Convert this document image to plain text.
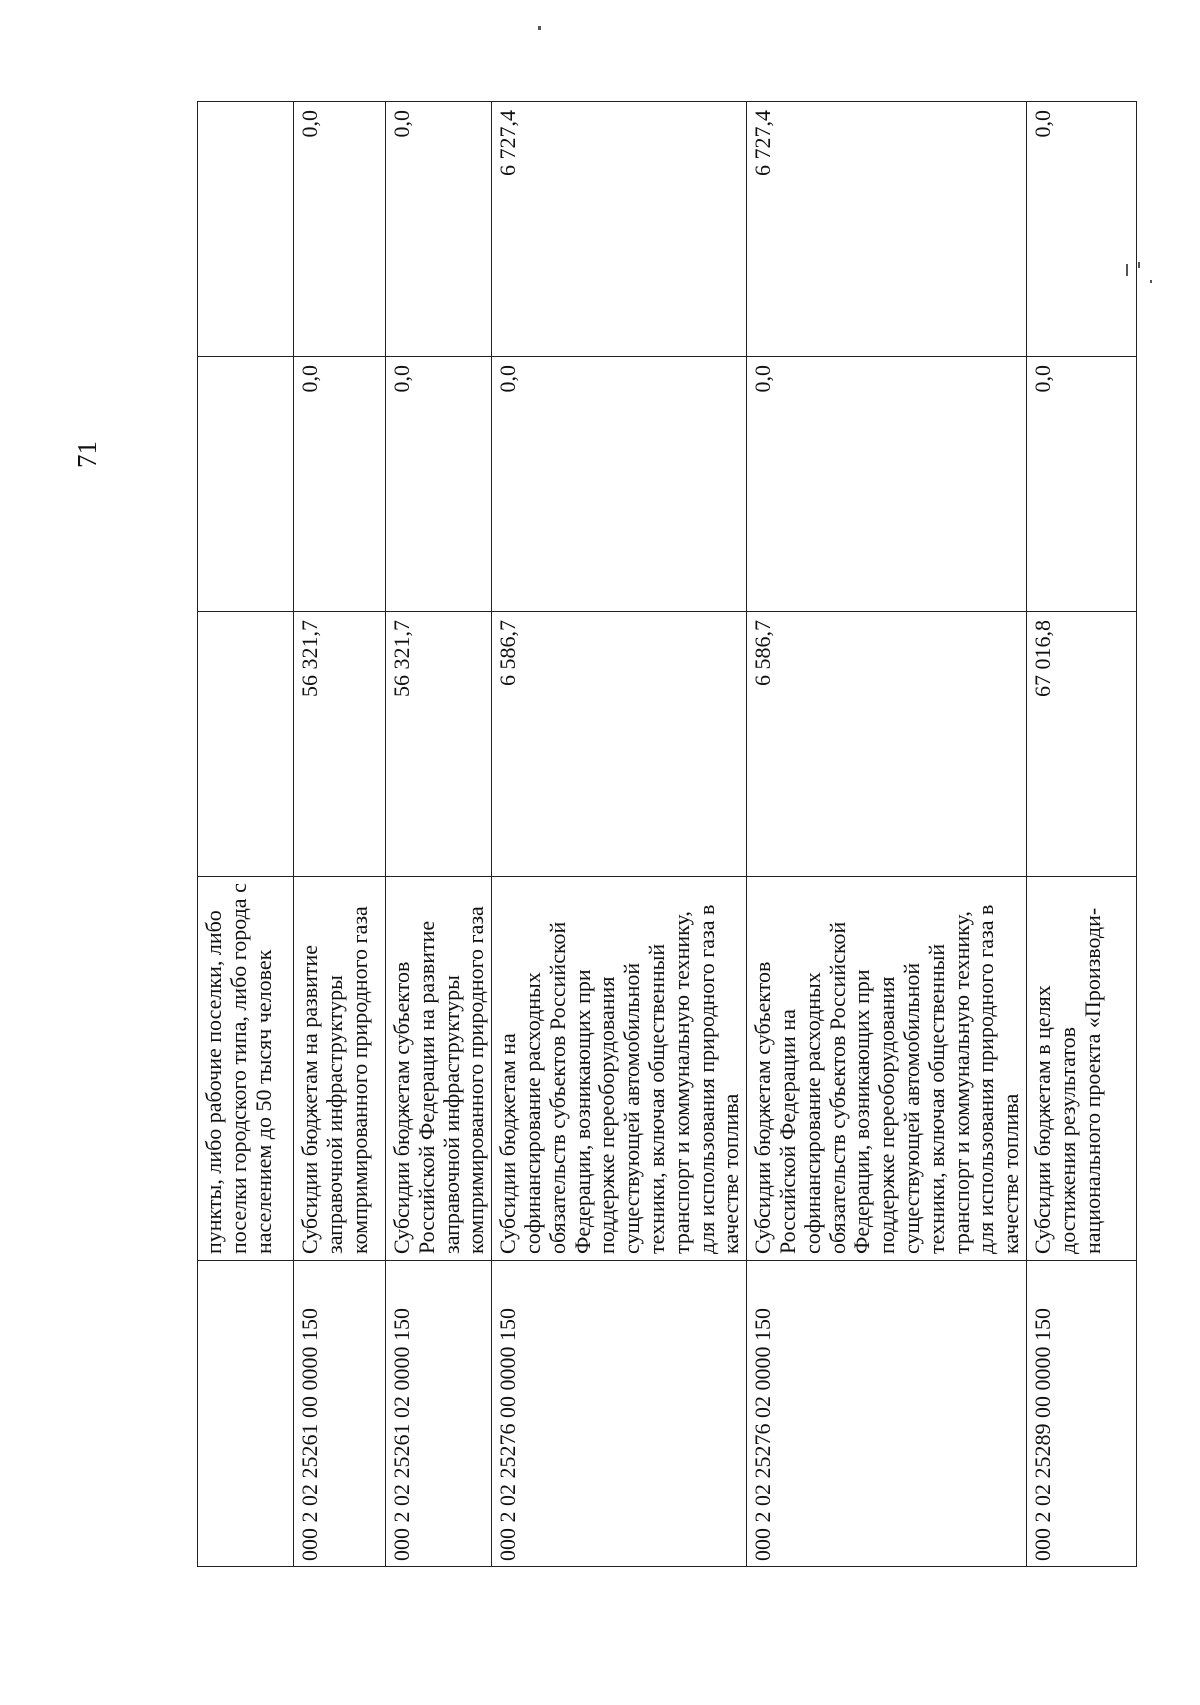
71
	пункты, либо рабочие поселки, либо поселки городского типа, либо города с населением до 50 тысяч человек			
000 2 02 25261 00 0000 150	Субсидии бюджетам на развитие заправочной инфраструктуры компримированного природного газа	56 321,7	0,0	0,0
000 2 02 25261 02 0000 150	Субсидии бюджетам субъектов Российской Федерации на развитие заправочной инфраструктуры компримированного природного газа	56 321,7	0,0	0,0
000 2 02 25276 00 0000 150	Субсидии бюджетам на софинансирование расходных обязательств субъектов Российской Федерации, возникающих при поддержке переоборудования существующей автомобильной техники, включая общественный транспорт и коммунальную технику, для использования природного газа в качестве топлива	6 586,7	0,0	6 727,4
000 2 02 25276 02 0000 150	Субсидии бюджетам субъектов Российской Федерации на софинансирование расходных обязательств субъектов Российской Федерации, возникающих при поддержке переоборудования существующей автомобильной техники, включая общественный транспорт и коммунальную технику, для использования природного газа в качестве топлива	6 586,7	0,0	6 727,4
000 2 02 25289 00 0000 150	Субсидии бюджетам в целях достижения результатов национального проекта «Производи-	67 016,8	0,0	0,0
